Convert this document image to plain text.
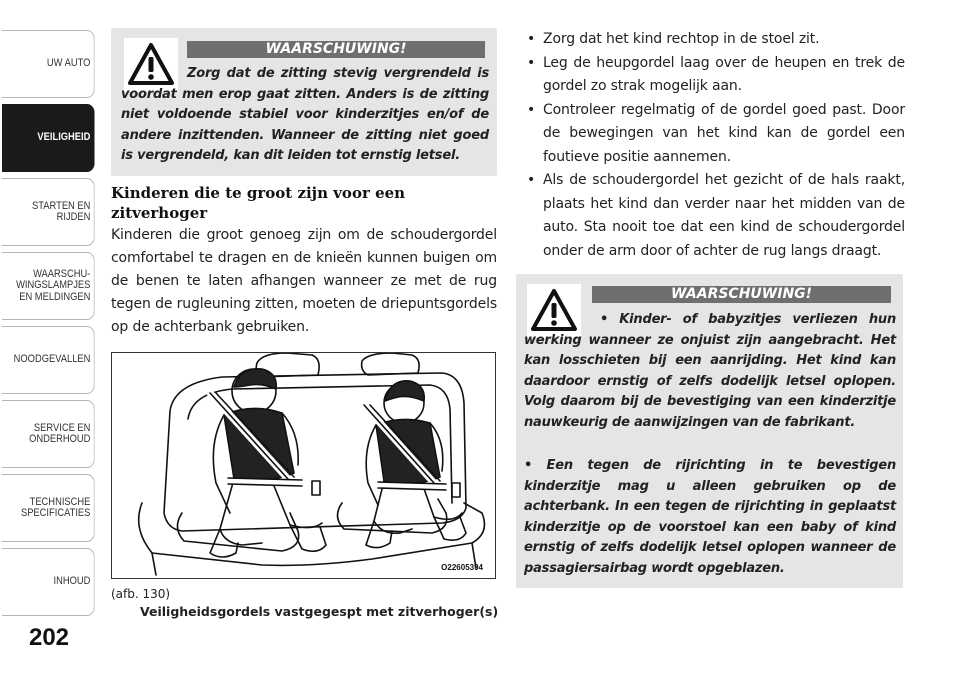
UW AUTO
VEILIGHEID
STARTEN EN
RIJDEN
WAARSCHU-
WINGSLAMPJES
EN MELDINGEN
NOODGEVALLEN
SERVICE EN
ONDERHOUD
TECHNISCHE
SPECIFICATIES
INHOUD
202
WAARSCHUWING!
Zorg dat de zitting stevig vergrendeld is voordat men erop gaat zitten. Anders is de zitting niet voldoende stabiel voor kinderzitjes en/of de andere inzittenden. Wanneer de zitting niet goed is vergrendeld, kan dit leiden tot ernstig letsel.
Kinderen die te groot zijn voor een zitverhoger
Kinderen die groot genoeg zijn om de schoudergordel comfortabel te dragen en de knieën kunnen buigen om de benen te laten afhangen wanneer ze met de rug tegen de rugleuning zitten, moeten de driepuntsgordels op de achterbank gebruiken.
O22605394
(afb. 130)
Veiligheidsgordels vastgegespt met zitverhoger(s)
• Zorg dat het kind rechtop in de stoel zit.
• Leg de heupgordel laag over de heupen en trek de gordel zo strak mogelijk aan.
• Controleer regelmatig of de gordel goed past. Door de bewegingen van het kind kan de gordel een foutieve positie aannemen.
• Als de schoudergordel het gezicht of de hals raakt, plaats het kind dan verder naar het midden van de auto. Sta nooit toe dat een kind de schoudergordel onder de arm door of achter de rug langs draagt.
WAARSCHUWING!
• Kinder- of babyzitjes verliezen hun werking wanneer ze onjuist zijn aangebracht. Het kan losschieten bij een aanrijding. Het kind kan daardoor ernstig of zelfs dodelijk letsel oplopen. Volg daarom bij de bevestiging van een kinderzitje nauwkeurig de aanwijzingen van de fabrikant.
• Een tegen de rijrichting in te bevestigen kinderzitje mag u alleen gebruiken op de achterbank. In een tegen de rijrichting in geplaatst kinderzitje op de voorstoel kan een baby of kind ernstig of zelfs dodelijk letsel oplopen wanneer de passagiersairbag wordt opgeblazen.
